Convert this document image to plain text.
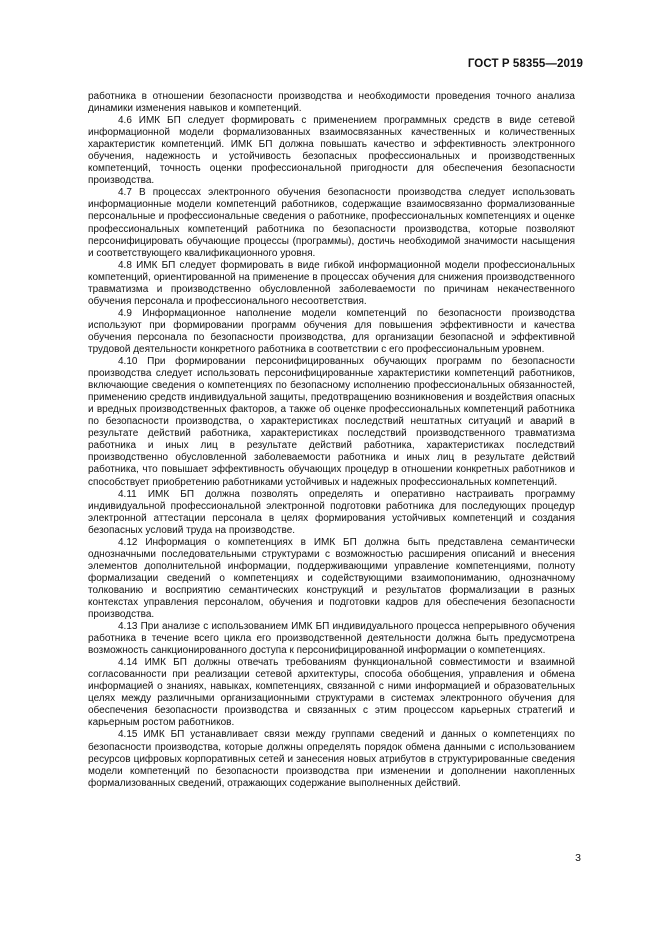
ГОСТ Р 58355—2019

работника в отношении безопасности производства и необходимости проведения точного анализа динамики изменения навыков и компетенций.

4.6 ИМК БП следует формировать с применением программных средств в виде сетевой информационной модели формализованных взаимосвязанных качественных и количественных характеристик компетенций. ИМК БП должна повышать качество и эффективность электронного обучения, надежность и устойчивость безопасных профессиональных и производственных компетенций, точность оценки профессиональной пригодности для обеспечения безопасности производства.

4.7 В процессах электронного обучения безопасности производства следует использовать информационные модели компетенций работников, содержащие взаимосвязанно формализованные персональные и профессиональные сведения о работнике, профессиональных компетенциях и оценке профессиональных компетенций работника по безопасности производства, которые позволяют персонифицировать обучающие процессы (программы), достичь необходимой значимости насыщения и соответствующего квалификационного уровня.

4.8 ИМК БП следует формировать в виде гибкой информационной модели профессиональных компетенций, ориентированной на применение в процессах обучения для снижения производственного травматизма и производственно обусловленной заболеваемости по причинам некачественного обучения персонала и профессионального несоответствия.

4.9 Информационное наполнение модели компетенций по безопасности производства используют при формировании программ обучения для повышения эффективности и качества обучения персонала по безопасности производства, для организации безопасной и эффективной трудовой деятельности конкретного работника в соответствии с его профессиональным уровнем.

4.10 При формировании персонифицированных обучающих программ по безопасности производства следует использовать персонифицированные характеристики компетенций работников, включающие сведения о компетенциях по безопасному исполнению профессиональных обязанностей, применению средств индивидуальной защиты, предотвращению возникновения и воздействия опасных и вредных производственных факторов, а также об оценке профессиональных компетенций работника по безопасности производства, о характеристиках последствий нештатных ситуаций и аварий в результате действий работника, характеристиках последствий производственного травматизма работника и иных лиц в результате действий работника, характеристиках последствий производственно обусловленной заболеваемости работника и иных лиц в результате действий работника, что повышает эффективность обучающих процедур в отношении конкретных работников и способствует приобретению работниками устойчивых и надежных профессиональных компетенций.

4.11 ИМК БП должна позволять определять и оперативно настраивать программу индивидуальной профессиональной электронной подготовки работника для последующих процедур электронной аттестации персонала в целях формирования устойчивых компетенций и создания безопасных условий труда на производстве.

4.12 Информация о компетенциях в ИМК БП должна быть представлена семантически однозначными последовательными структурами с возможностью расширения описаний и внесения элементов дополнительной информации, поддерживающими управление компетенциями, полноту формализации сведений о компетенциях и содействующими взаимопониманию, однозначному толкованию и восприятию семантических конструкций и результатов формализации в разных контекстах управления персоналом, обучения и подготовки кадров для обеспечения безопасности производства.

4.13 При анализе с использованием ИМК БП индивидуального процесса непрерывного обучения работника в течение всего цикла его производственной деятельности должна быть предусмотрена возможность санкционированного доступа к персонифицированной информации о компетенциях.

4.14 ИМК БП должны отвечать требованиям функциональной совместимости и взаимной согласованности при реализации сетевой архитектуры, способа обобщения, управления и обмена информацией о знаниях, навыках, компетенциях, связанной с ними информацией и образовательных целях между различными организационными структурами в системах электронного обучения для обеспечения безопасности производства и связанных с этим процессом карьерных стратегий и карьерным ростом работников.

4.15 ИМК БП устанавливает связи между группами сведений и данных о компетенциях по безопасности производства, которые должны определять порядок обмена данными с использованием ресурсов цифровых корпоративных сетей и занесения новых атрибутов в структурированные сведения модели компетенций по безопасности производства при изменении и дополнении накопленных формализованных сведений, отражающих содержание выполненных действий.

3
